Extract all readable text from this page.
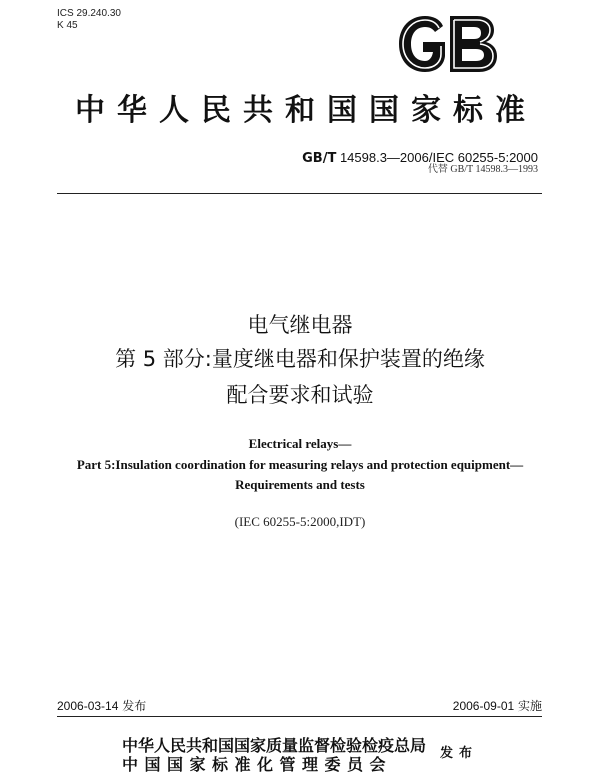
ICS 29.240.30
K 45
中华人民共和国国家标准
GB/T 14598.3—2006/IEC 60255-5:2000
代替 GB/T 14598.3—1993
电气继电器
第 5 部分:量度继电器和保护装置的绝缘
配合要求和试验
Electrical relays—
Part 5:Insulation coordination for measuring relays and protection equipment—
Requirements and tests
(IEC 60255-5:2000,IDT)
2006-03-14 发布	2006-09-01 实施
中华人民共和国国家质量监督检验检疫总局
中国国家标准化管理委员会
发布
